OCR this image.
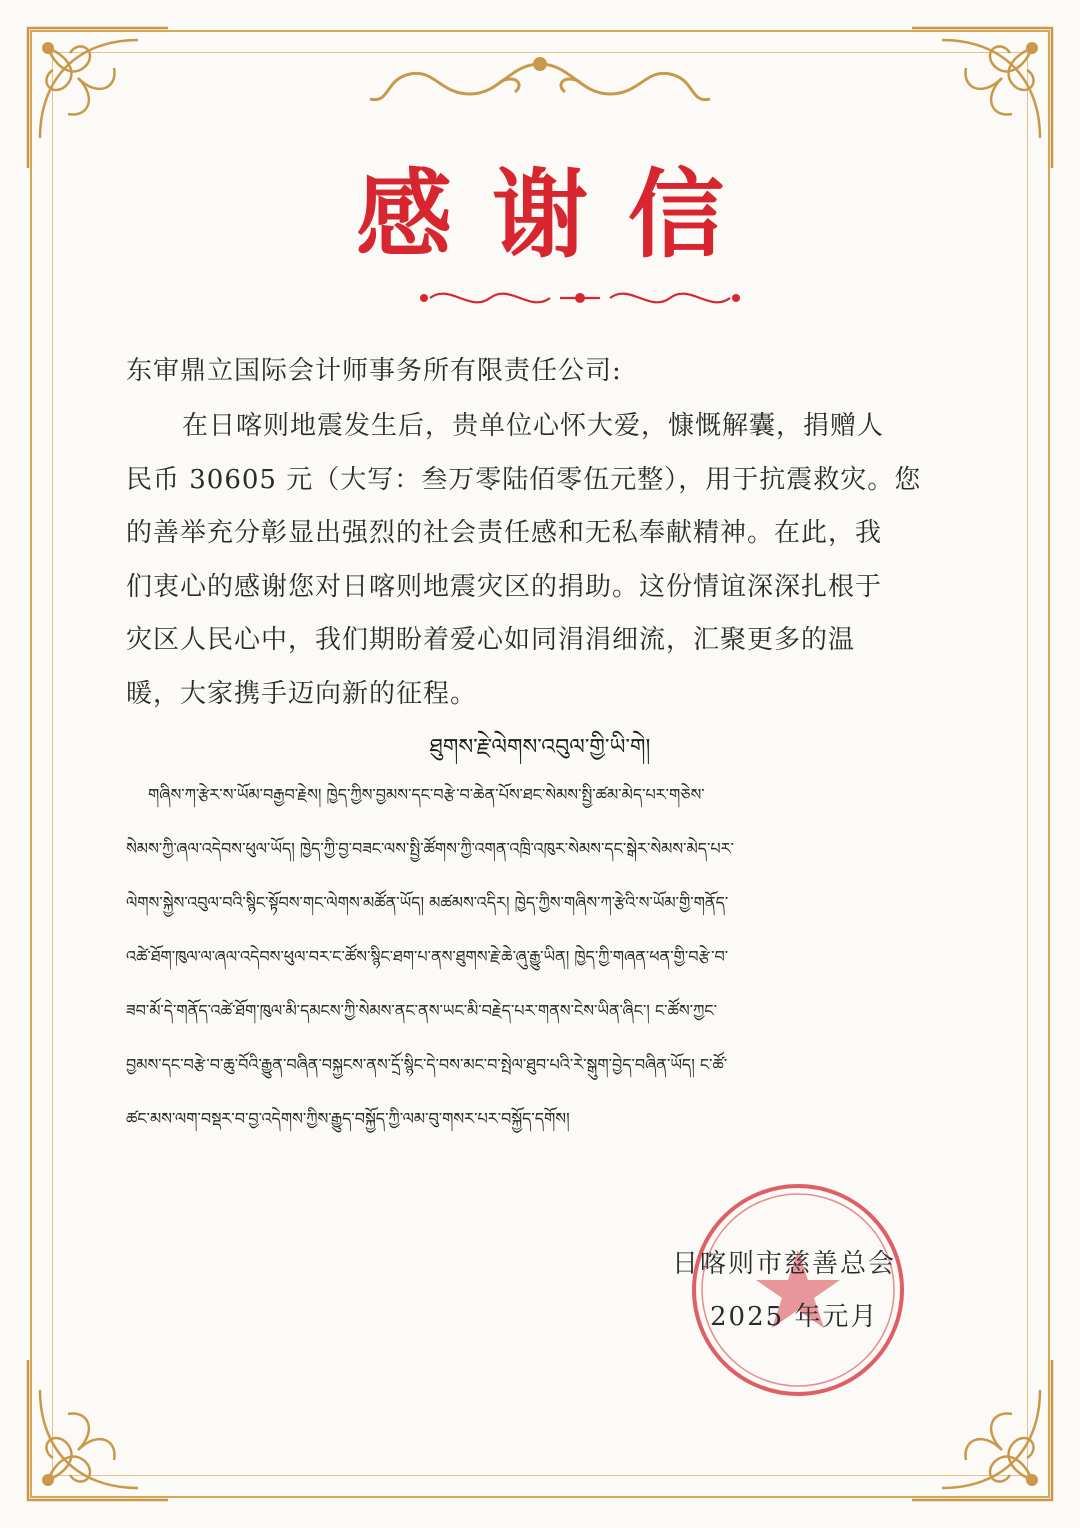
感谢信
东审鼎立国际会计师事务所有限责任公司:

在日喀则地震发生后，贵单位心怀大爱，慷慨解囊，捐赠人
民币 30605 元（大写：叁万零陆佰零伍元整），用于抗震救灾。您
的善举充分彰显出强烈的社会责任感和无私奉献精神。在此，我
们衷心的感谢您对日喀则地震灾区的捐助。这份情谊深深扎根于
灾区人民心中，我们期盼着爱心如同涓涓细流，汇聚更多的温
暖，大家携手迈向新的征程。

ཐུགས་རྗེ་ལེགས་འབུལ་གྱི་ཡི་གེ།
གཞིས་ཀ་རྩེར་ས་ཡོམ་བརྒྱབ་རྗེས། ཁྱེད་ཀྱིས་བྱམས་དང་བརྩེ་བ་ཆེན་པོས་ཐང་སེམས་སྤྱི་ཚམ་མེད་པར་གཅེས་
སེམས་ཀྱི་ཞལ་འདེབས་ཕུལ་ཡོད། ཁྱེད་ཀྱི་བྱ་བཟང་ལས་སྤྱི་ཚོགས་ཀྱི་འགན་འཁྲི་འཁུར་སེམས་དང་སྒེར་སེམས་མེད་པར་
ལེགས་སྐྱེས་འབུལ་བའི་སྙིང་སྟོབས་གང་ལེགས་མཚོན་ཡོད། མཚམས་འདིར། ཁྱེད་ཀྱིས་གཞིས་ཀ་རྩེའི་ས་ཡོམ་གྱི་གནོད་
འཚེ་ཐོག་ཁུལ་ལ་ཞལ་འདེབས་ཕུལ་བར་ང་ཚོས་སྙིང་ཐག་པ་ནས་ཐུགས་རྗེ་ཆེ་ཞུ་རྒྱུ་ཡིན། ཁྱེད་ཀྱི་གཞན་ཕན་གྱི་བརྩེ་བ་
ཟབ་མོ་དེ་གནོད་འཚེ་ཐོག་ཁུལ་མི་དམངས་ཀྱི་སེམས་ནང་ནས་ཡང་མི་བརྗེད་པར་གནས་ངེས་ཡིན་ཞིང་། ང་ཚོས་ཀྱང་
བྱམས་དང་བརྩེ་བ་ཆུ་བོའི་རྒྱུན་བཞིན་བསྐྱངས་ནས་དྲོ་སྙིང་དེ་བས་མང་བ་སྤེལ་ཐུབ་པའི་རེ་སྒུག་བྱེད་བཞིན་ཡོད། ང་ཚོ་
ཚང་མས་ལག་བསྡར་བ་བྱ་འདེགས་ཀྱིས་རྒྱུད་བསྐྱོད་ཀྱི་ལམ་བུ་གསར་པར་བསྐྱོད་དགོས།
日喀则市慈善总会
2025 年元月
